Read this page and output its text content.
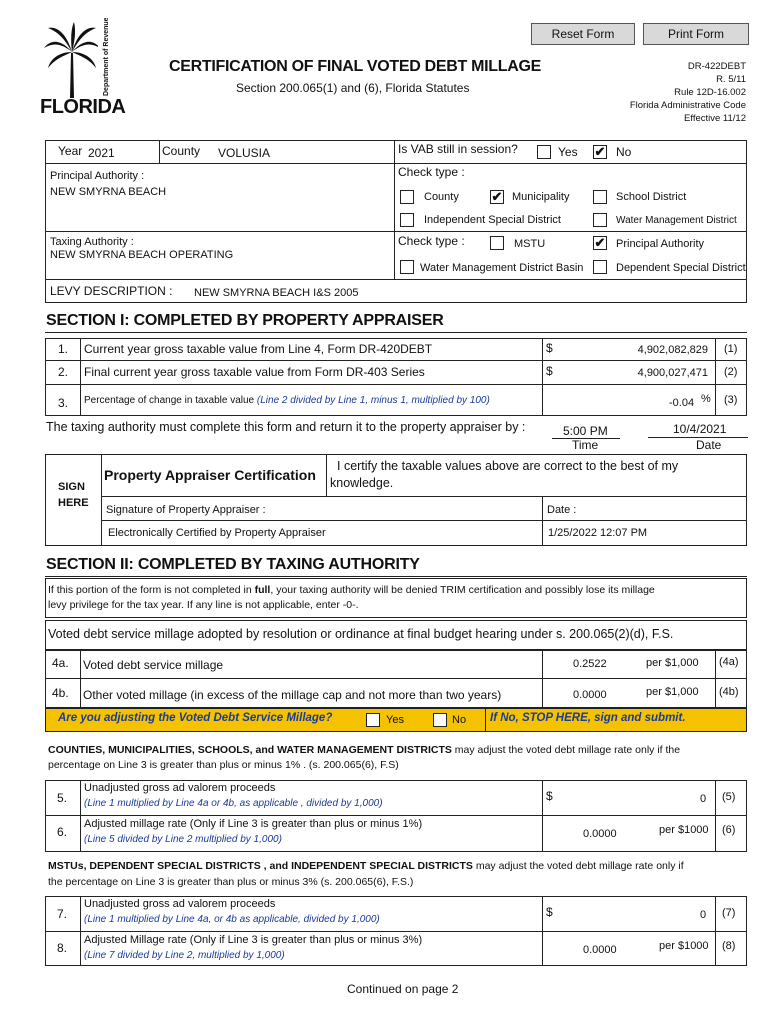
Reset Form	Print Form
Department of Revenue
FLORIDA
CERTIFICATION OF FINAL VOTED DEBT MILLAGE
Section 200.065(1) and (6), Florida Statutes
DR-422DEBT
R. 5/11
Rule 12D-16.002
Florida Administrative Code
Effective 11/12
Year 2021	County VOLUSIA	Is VAB still in session?	Yes ✔ No
Check type :
Principal Authority :
NEW SMYRNA BEACH	County	✔ Municipality	School District
Independent Special District	Water Management District
Taxing Authority :
NEW SMYRNA BEACH OPERATING
Check type :	MSTU	✔ Principal Authority
Water Management District Basin	Dependent Special District
LEVY DESCRIPTION : NEW SMYRNA BEACH I&S 2005
SECTION I: COMPLETED BY PROPERTY APPRAISER
1. Current year gross taxable value from Line 4, Form DR-420DEBT	$	4,902,082,829 (1)
2. Final current year gross taxable value from Form DR-403 Series	$	4,900,027,471 (2)
3. Percentage of change in taxable value (Line 2 divided by Line 1, minus 1, multiplied by 100)	-0.04 % (3)
The taxing authority must complete this form and return it to the property appraiser by :	5:00 PM
Time
10/4/2021
Date
SIGN
HERE
Property Appraiser Certification
I certify the taxable values above are correct to the best of my
knowledge.
Signature of Property Appraiser :
Electronically Certified by Property Appraiser
Date :
1/25/2022 12:07 PM
SECTION II: COMPLETED BY TAXING AUTHORITY
If this portion of the form is not completed in full, your taxing authority will be denied TRIM certification and possibly lose its millage
levy privilege for the tax year. If any line is not applicable, enter -0-.
Voted debt service millage adopted by resolution or ordinance at final budget hearing under s. 200.065(2)(d), F.S.
4a. Voted debt service millage	0.2522	per $1,000 (4a)
4b. Other voted millage (in excess of the millage cap and not more than two years)	0.0000	per $1,000 (4b)
Are you adjusting the Voted Debt Service Millage?	Yes	No If No, STOP HERE, sign and submit.
COUNTIES, MUNICIPALITIES, SCHOOLS, and WATER MANAGEMENT DISTRICTS may adjust the voted debt millage rate only if the
percentage on Line 3 is greater than plus or minus 1% . (s. 200.065(6), F.S)
5.
Unadjusted gross ad valorem proceeds
(Line 1 multiplied by Line 4a or 4b, as applicable , divided by 1,000)
$	0 (5)
6.
Adjusted millage rate (Only if Line 3 is greater than plus or minus 1%)
(Line 5 divided by Line 2 multiplied by 1,000)	0.0000	per $1000 (6)
MSTUs, DEPENDENT SPECIAL DISTRICTS , and INDEPENDENT SPECIAL DISTRICTS may adjust the voted debt millage rate only if
the percentage on Line 3 is greater than plus or minus 3% (s. 200.065(6), F.S.)
7.
Unadjusted gross ad valorem proceeds
(Line 1 multiplied by Line 4a, or 4b as applicable, divided by 1,000)
$	0 (7)
8.
Adjusted Millage rate (Only if Line 3 is greater than plus or minus 3%)
(Line 7 divided by Line 2, multiplied by 1,000)	0.0000	per $1000 (8)
Continued on page 2
